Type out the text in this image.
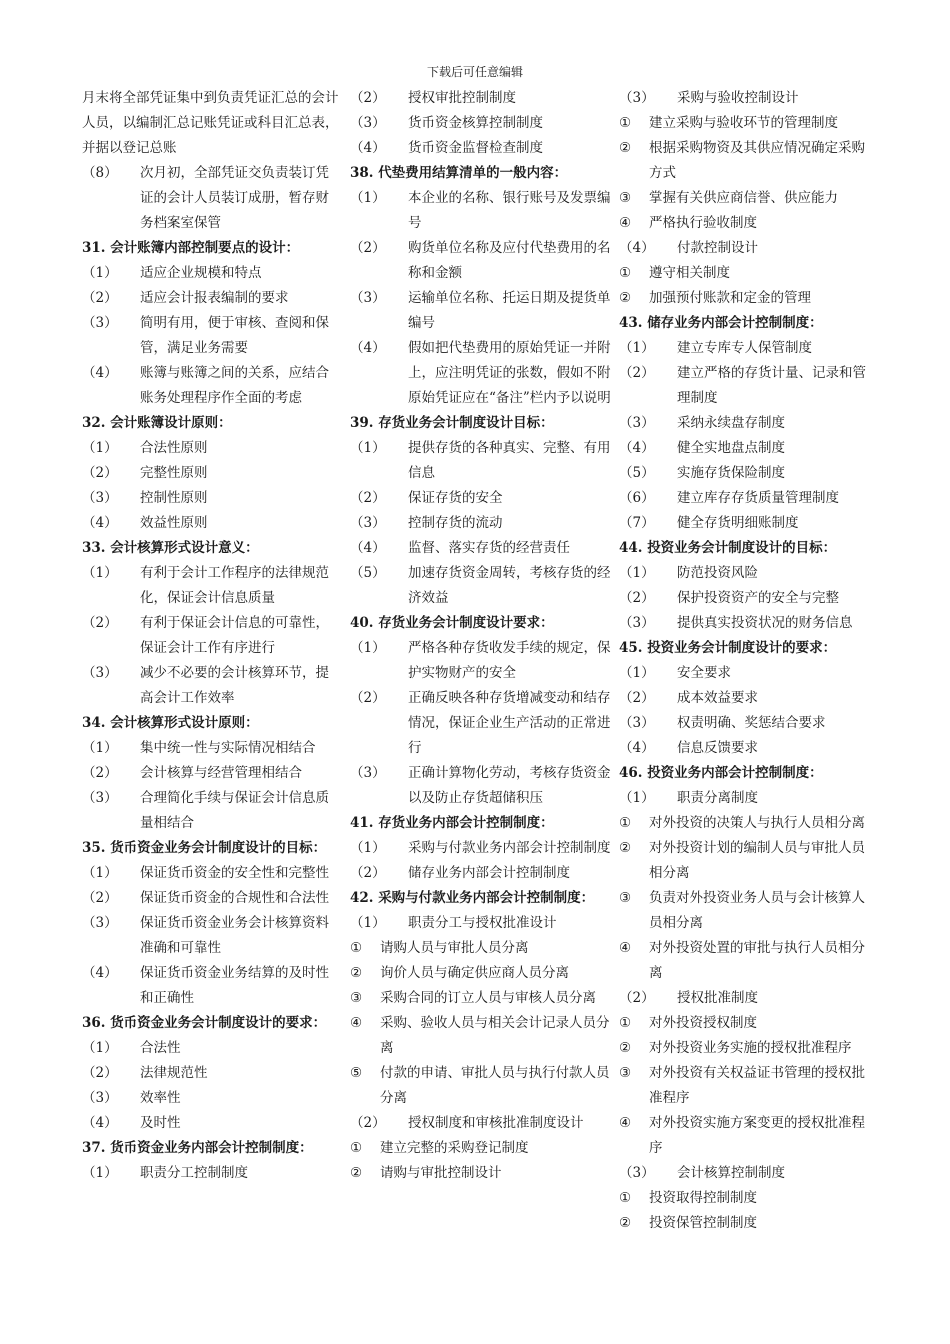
下载后可任意编辑
月末将全部凭证集中到负责凭证汇总的会计人员，以编制汇总记账凭证或科目汇总表，并据以登记总账
（8）	次月初，全部凭证交负责装订凭证的会计人员装订成册，暂存财务档案室保管
31. 会计账簿内部控制要点的设计：
（1）	适应企业规模和特点
（2）	适应会计报表编制的要求
（3）	简明有用，便于审核、查阅和保管，满足业务需要
（4）	账簿与账簿之间的关系，应结合账务处理程序作全面的考虑
32. 会计账簿设计原则：
（1）	合法性原则
（2）	完整性原则
（3）	控制性原则
（4）	效益性原则
33. 会计核算形式设计意义：
（1）	有利于会计工作程序的法律规范化，保证会计信息质量
（2）	有利于保证会计信息的可靠性，保证会计工作有序进行
（3）	减少不必要的会计核算环节，提高会计工作效率
34. 会计核算形式设计原则：
（1）	集中统一性与实际情况相结合
（2）	会计核算与经营管理相结合
（3）	合理简化手续与保证会计信息质量相结合
35. 货币资金业务会计制度设计的目标：
（1）	保证货币资金的安全性和完整性
（2）	保证货币资金的合规性和合法性
（3）	保证货币资金业务会计核算资料准确和可靠性
（4）	保证货币资金业务结算的及时性和正确性
36. 货币资金业务会计制度设计的要求：
（1）	合法性
（2）	法律规范性
（3）	效率性
（4）	及时性
37. 货币资金业务内部会计控制制度：
（1）	职责分工控制制度
（2）	授权审批控制制度
（3）	货币资金核算控制制度
（4）	货币资金监督检查制度
38. 代垫费用结算清单的一般内容：
（1）	本企业的名称、银行账号及发票编号
（2）	购货单位名称及应付代垫费用的名称和金额
（3）	运输单位名称、托运日期及提货单编号
（4）	假如把代垫费用的原始凭证一并附上，应注明凭证的张数，假如不附原始凭证应在“备注”栏内予以说明
39. 存货业务会计制度设计目标：
（1）	提供存货的各种真实、完整、有用信息
（2）	保证存货的安全
（3）	控制存货的流动
（4）	监督、落实存货的经营责任
（5）	加速存货资金周转，考核存货的经济效益
40. 存货业务会计制度设计要求：
（1）	严格各种存货收发手续的规定，保护实物财产的安全
（2）	正确反映各种存货增减变动和结存情况，保证企业生产活动的正常进行
（3）	正确计算物化劳动，考核存货资金以及防止存货超储积压
41. 存货业务内部会计控制制度：
（1）	采购与付款业务内部会计控制制度
（2）	储存业务内部会计控制制度
42. 采购与付款业务内部会计控制制度：
（1）	职责分工与授权批准设计
①	请购人员与审批人员分离
②	询价人员与确定供应商人员分离
③	采购合同的订立人员与审核人员分离
④	采购、验收人员与相关会计记录人员分离
⑤	付款的申请、审批人员与执行付款人员分离
（2）	授权制度和审核批准制度设计
①	建立完整的采购登记制度
②	请购与审批控制设计
（3）	采购与验收控制设计
①	建立采购与验收环节的管理制度
②	根据采购物资及其供应情况确定采购方式
③	掌握有关供应商信誉、供应能力
④	严格执行验收制度
（4）	付款控制设计
①	遵守相关制度
②	加强预付账款和定金的管理
43. 储存业务内部会计控制制度：
（1）	建立专库专人保管制度
（2）	建立严格的存货计量、记录和管理制度
（3）	采纳永续盘存制度
（4）	健全实地盘点制度
（5）	实施存货保险制度
（6）	建立库存存货质量管理制度
（7）	健全存货明细账制度
44. 投资业务会计制度设计的目标：
（1）	防范投资风险
（2）	保护投资资产的安全与完整
（3）	提供真实投资状况的财务信息
45. 投资业务会计制度设计的要求：
（1）	安全要求
（2）	成本效益要求
（3）	权责明确、奖惩结合要求
（4）	信息反馈要求
46. 投资业务内部会计控制制度：
（1）	职责分离制度
①	对外投资的决策人与执行人员相分离
②	对外投资计划的编制人员与审批人员相分离
③	负责对外投资业务人员与会计核算人员相分离
④	对外投资处置的审批与执行人员相分离
（2）	授权批准制度
①	对外投资授权制度
②	对外投资业务实施的授权批准程序
③	对外投资有关权益证书管理的授权批准程序
④	对外投资实施方案变更的授权批准程序
（3）	会计核算控制制度
①	投资取得控制制度
②	投资保管控制制度
